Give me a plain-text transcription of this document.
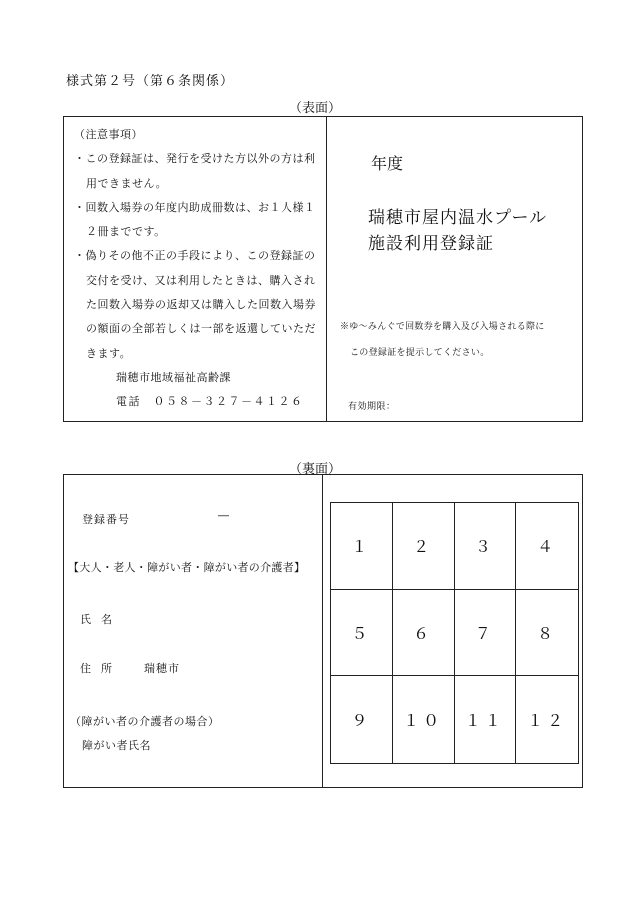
様式第２号（第６条関係）
（表面）
（注意事項）
・この登録証は、発行を受けた方以外の方は利用できません。
・回数入場券の年度内助成冊数は、お１人様１２冊までです。
・偽りその他不正の手段により、この登録証の交付を受け、又は利用したときは、購入された回数入場券の返却又は購入した回数入場券の額面の全部若しくは一部を返還していただきます。
瑞穂市地域福祉高齢課
電話　０５８－３２７－４１２６
年度
瑞穂市屋内温水プール
施設利用登録証
※ゆ～みんぐで回数券を購入及び入場される際に
この登録証を提示してください。
有効期限：
（裏面）
登録番号	―
【大人・老人・障がい者・障がい者の介護者】
氏名
住所 瑞穂市
（障がい者の介護者の場合）
障がい者氏名
１	２	３	４
５	６	７	８
９	１０	１１	１２
